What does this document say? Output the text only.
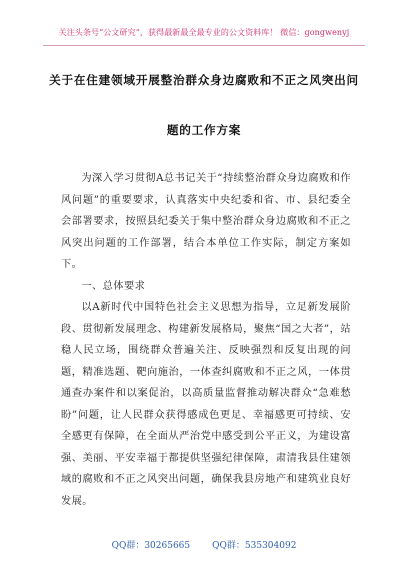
关注头条号“公文研究”，获得最新最全最专业的公文资料库！ 微信：gongwenyj
关于在住建领域开展整治群众身边腐败和不正之风突出问
题的工作方案

为深入学习贯彻A总书记关于“持续整治群众身边腐败和作风问题”的重要要求，认真落实中央纪委和省、市、县纪委全会部署要求，按照县纪委关于集中整治群众身边腐败和不正之风突出问题的工作部署，结合本单位工作实际，制定方案如下。

一、总体要求

以A新时代中国特色社会主义思想为指导，立足新发展阶段、贯彻新发展理念、构建新发展格局，聚焦“国之大者”，站稳人民立场，围绕群众普遍关注、反映强烈和反复出现的问题，精准选题、靶向施治，一体查纠腐败和不正之风，一体贯通查办案件和以案促治，以高质量监督推动解决群众“急难愁盼”问题，让人民群众获得感成色更足、幸福感更可持续、安全感更有保障，在全面从严治党中感受到公平正义，为建设富强、美丽、平安幸福于都提供坚强纪律保障，肃清我县住建领域的腐败和不正之风突出问题，确保我县房地产和建筑业良好发展。

QQ群：30265665 QQ群：535304092
